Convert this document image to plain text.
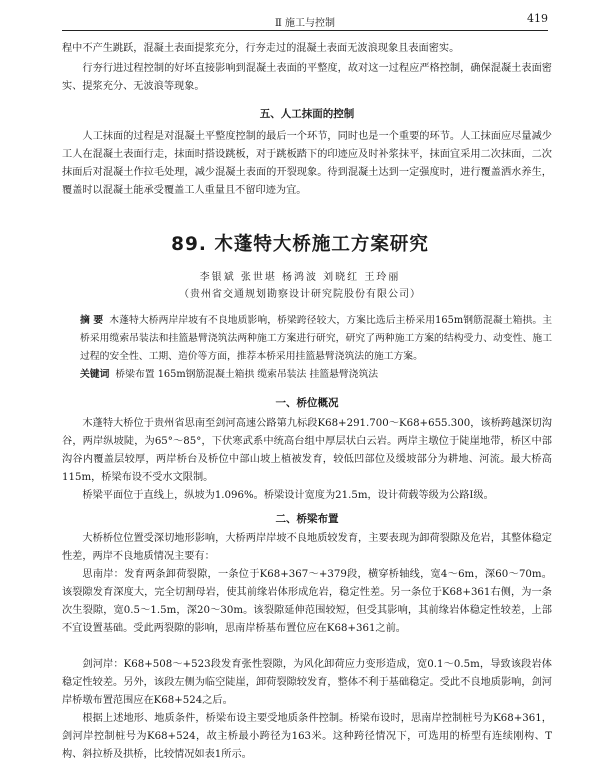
Ⅱ 施工与控制	419

程中不产生跳跃，混凝土表面提浆充分，行夯走过的混凝土表面无波浪现象且表面密实。

行夯行进过程控制的好坏直接影响到混凝土表面的平整度，故对这一过程应严格控制，确保混凝土表面密实、提浆充分、无波浪等现象。

五、人工抹面的控制

人工抹面的过程是对混凝土平整度控制的最后一个环节，同时也是一个重要的环节。人工抹面应尽量减少工人在混凝土表面行走，抹面时搭设跳板，对于跳板踏下的印迹应及时补浆抹平，抹面宜采用二次抹面，二次抹面后对混凝土作拉毛处理，减少混凝土表面的开裂现象。待到混凝土达到一定强度时，进行覆盖洒水养生，覆盖时以混凝土能承受覆盖工人重量且不留印迹为宜。

89. 木蓬特大桥施工方案研究
李银斌 张世堪 杨鸿波 刘晓红 王玲丽
（贵州省交通规划勘察设计研究院股份有限公司）

摘 要 木蓬特大桥两岸岸坡有不良地质影响，桥梁跨径较大，方案比选后主桥采用165m钢筋混凝土箱拱。主桥采用缆索吊装法和挂篮悬臂浇筑法两种施工方案进行研究，研究了两种施工方案的结构受力、动变性、施工过程的安全性、工期、造价等方面，推荐本桥采用挂篮悬臂浇筑法的施工方案。

关键词 桥梁布置 165m钢筋混凝土箱拱 缆索吊装法 挂篮悬臂浇筑法

一、桥位概况

木蓬特大桥位于贵州省思南至剑河高速公路第九标段K68+291.700～K68+655.300，该桥跨越深切沟谷，两岸纵坡陡，为65°～85°，下伏寒武系中统高台组中厚层状白云岩。两岸主墩位于陡崖地带，桥区中部沟谷内覆盖层较厚，两岸桥台及桥位中部山坡上植被发育，较低凹部位及缓坡部分为耕地、河流。最大桥高115m，桥梁布设不受水文限制。

桥梁平面位于直线上，纵坡为1.096%。桥梁设计宽度为21.5m，设计荷载等级为公路Ⅰ级。

二、桥梁布置

大桥桥位位置受深切地形影响，大桥两岸岸坡不良地质较发育，主要表现为卸荷裂隙及危岩，其整体稳定性差，两岸不良地质情况主要有：

思南岸：发育两条卸荷裂隙，一条位于K68+367～+379段，横穿桥轴线，宽4～6m，深60～70m。该裂隙发育深度大，完全切割母岩，使其前缘岩体形成危岩，稳定性差。另一条位于K68+361右侧，为一条次生裂隙，宽0.5～1.5m，深20～30m。该裂隙延伸范围较短，但受其影响，其前缘岩体稳定性较差，上部不宜设置基础。受此两裂隙的影响，思南岸桥基布置位应在K68+361之前。

剑河岸：K68+508～+523段发育张性裂隙，为风化卸荷应力变形造成，宽0.1～0.5m，导致该段岩体稳定性较差。另外，该段左侧为临空陡崖，卸荷裂隙较发育，整体不利于基础稳定。受此不良地质影响，剑河岸桥墩布置范围应在K68+524之后。

根据上述地形、地质条件，桥梁布设主要受地质条件控制。桥梁布设时，思南岸控制桩号为K68+361，剑河岸控制桩号为K68+524，故主桥最小跨径为163米。这种跨径情况下，可选用的桥型有连续刚构、T构、斜拉桥及拱桥，比较情况如表1所示。
